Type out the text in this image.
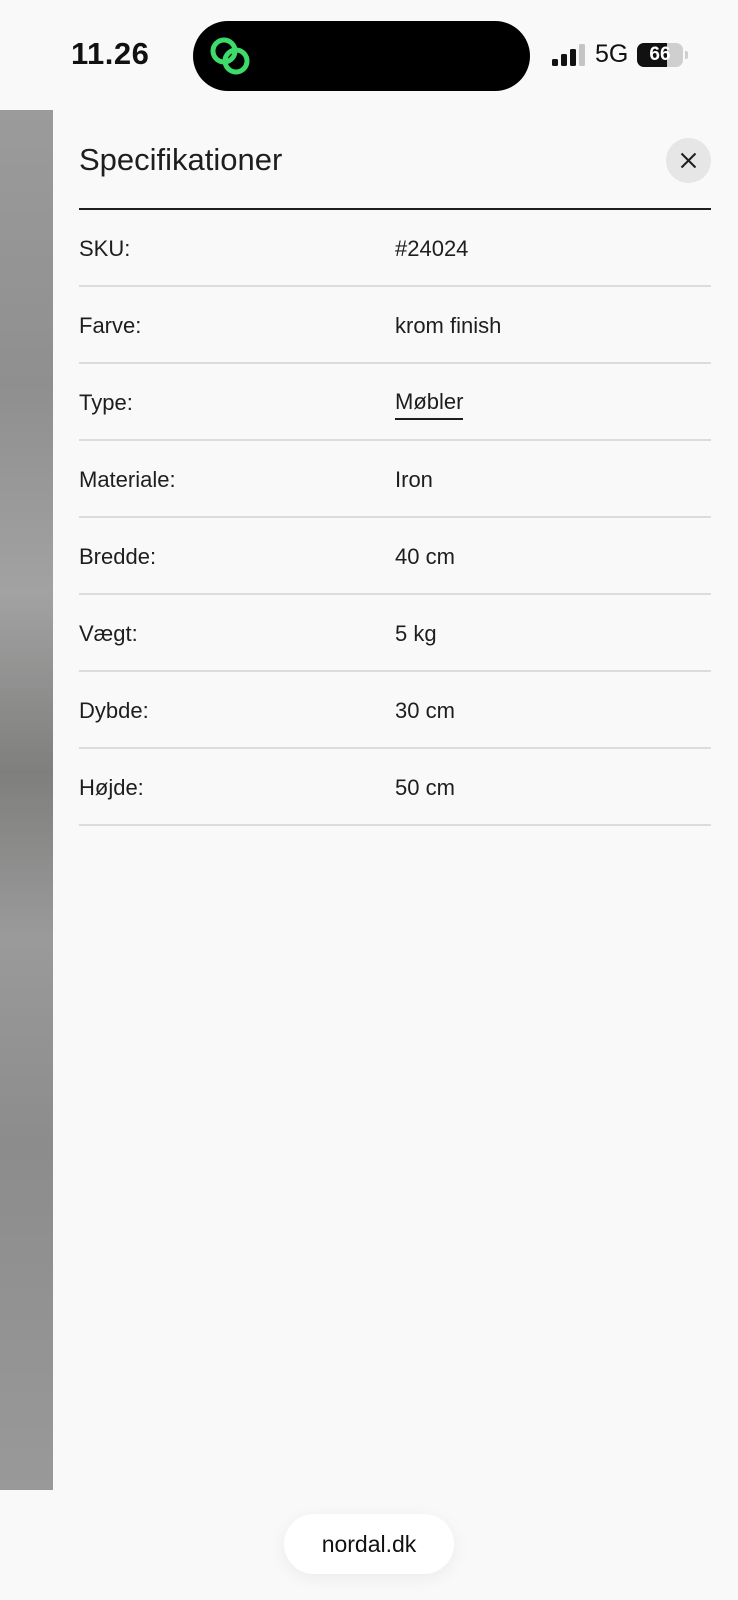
11.26	5G	66
Specifikationer
SKU:	#24024
Farve:	krom finish
Type:	Møbler
Materiale:	Iron
Bredde:	40 cm
Vægt:	5 kg
Dybde:	30 cm
Højde:	50 cm
nordal.dk
